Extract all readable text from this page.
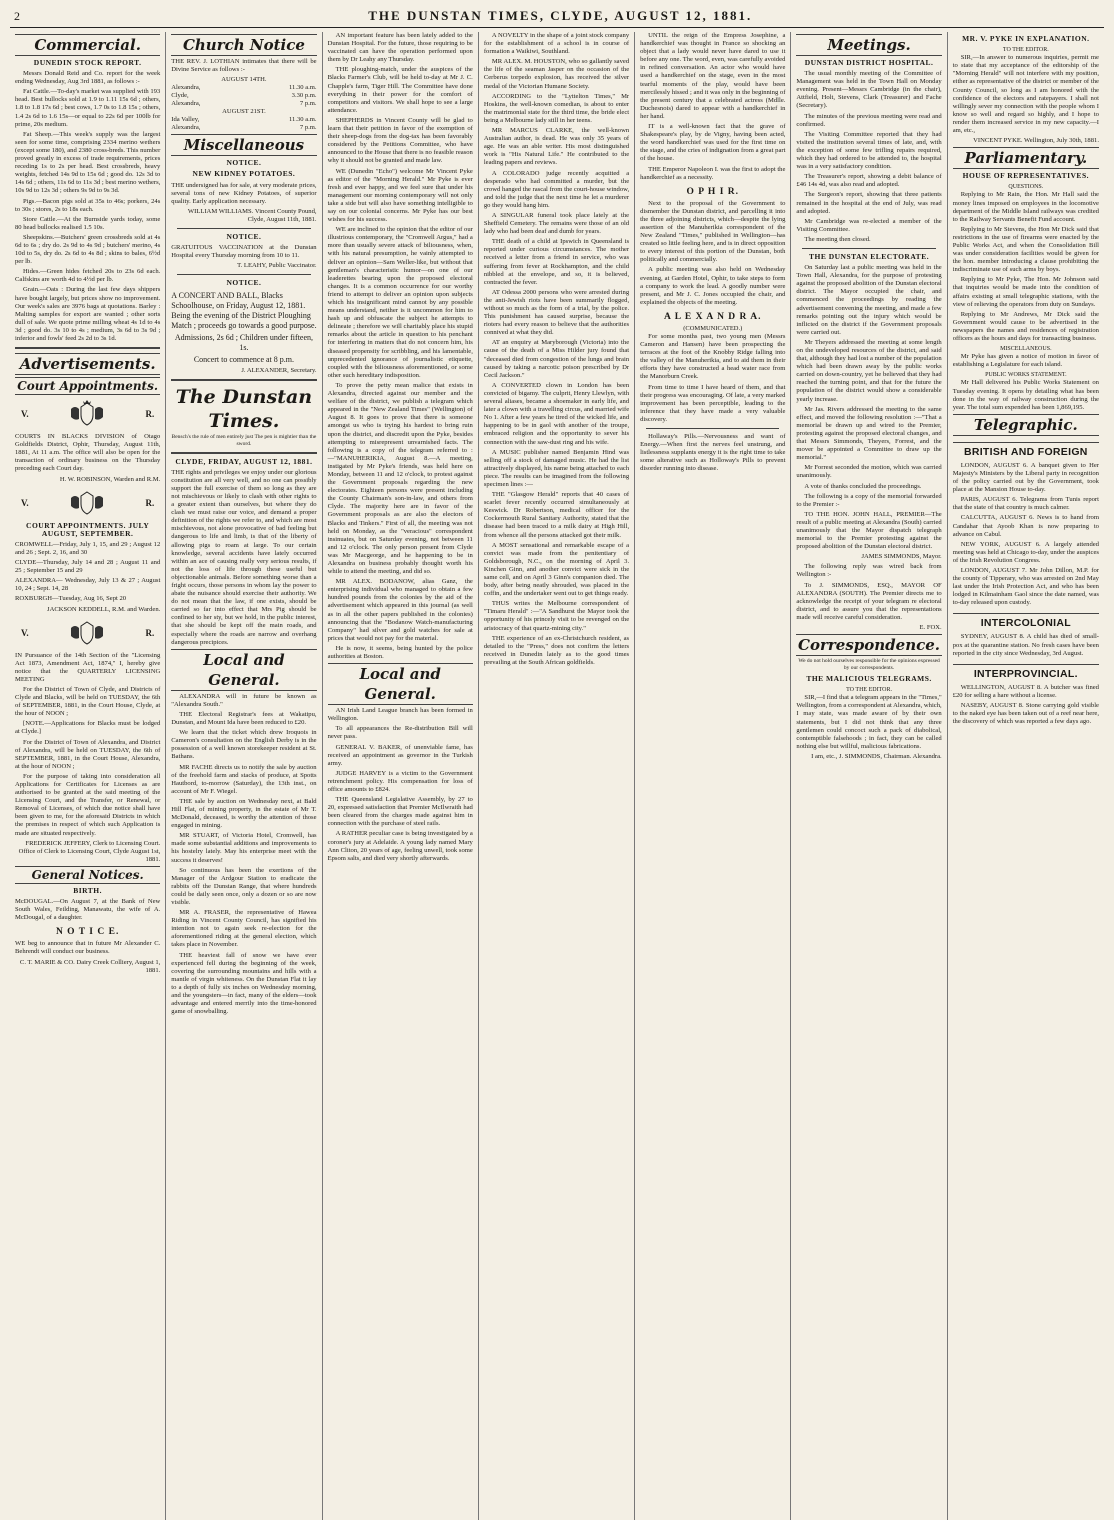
2	THE DUNSTAN TIMES, CLYDE, AUGUST 12, 1881.
Commercial.
DUNEDIN STOCK REPORT.

Messrs Donald Reid and Co. report for the week ending Wednesday, Aug 3rd 1881, as follows :-

Fat Cattle.—To-day's market was supplied with 193 head. Best bullocks sold at 1.9 to 1.11 15s 6d ; others, 1.8 to 1.8 17s 6d ; best cows, 1.7 0s to 1.8 15s ; others, 1.4 2s 6d to 1.6 15s—or equal to 22s 6d per 100lb for prime, 20s medium.

Fat Sheep.—This week's supply was the largest seen for some time, comprising 2334 merino wethers (except some 180), and 2380 cross-breds. This number proved greatly in excess of trade requirements, prices receding 1s to 2s per head. Best crossbreds, heavy weights, fetched 14s 9d to 15s 6d ; good do. 12s 3d to 14s 6d ; others, 11s 6d to 11s 3d ; best merino wethers, 10s 9d to 12s 3d ; others 9s 9d to 9s 3d.

Pigs.—Bacon pigs sold at 35s to 46s; porkers, 24s to 30s ; stores, 2s to 18s each.

Store Cattle.—At the Burnside yards today, some 80 head bullocks realised 1.5 10s.

Sheepskins.—Butchers' green crossbreds sold at 4s 6d to 6s ; dry do. 2s 9d to 4s 9d ; butchers' merino, 4s 10d to 5s, dry do. 2s 6d to 4s 8d ; skins to bales, 6½d per lb.

Hides.—Green hides fetched 20s to 23s 6d each. Calfskins are worth 4d to 4½d per lb.

Grain.—Oats : During the last few days shippers have bought largely, but prices show no improvement. Our week's sales are 3976 bags at quotations. Barley : Malting samples for export are wanted ; other sorts dull of sale. We quote prime milling wheat 4s 1d to 4s 3d ; good do. 3s 10 to 4s ; medium, 3s 6d to 3s 9d ; inferior and fowls' feed 2s 2d to 3s 1d.

Advertisements.
Court Appointments.
V.	R.

COURTS IN BLACKS DIVISION of Otago Goldfields District, Ophir, Thursday, August 11th, 1881, At 11 a.m. The office will also be open for the transaction of ordinary business on the Thursday preceding each Court day.

H. W. ROBINSON, Warden and R.M.

V.	R.
COURT APPOINTMENTS. JULY AUGUST, SEPTEMBER.

CROMWELL—Friday, July 1, 15, and 29 ; August 12 and 26 ; Sept. 2, 16, and 30

CLYDE—Thursday, July 14 and 28 ; August 11 and 25 ; September 15 and 29

ALEXANDRA— Wednesday, July 13 & 27 ; August 10, 24 ; Sept. 14, 28

ROXBURGH—Tuesday, Aug 16, Sept 20

JACKSON KEDDELL, R.M. and Warden.

V.	R.

IN Pursuance of the 14th Section of the "Licensing Act 1873, Amendment Act, 1874," I, hereby give notice that the QUARTERLY LICENSING MEETING

For the District of Town of Clyde, and Districts of Clyde and Blacks, will be held on TUESDAY, the 6th of SEPTEMBER, 1881, in the Court House, Clyde, at the hour of NOON ;

[NOTE.—Applications for Blacks must be lodged at Clyde.]

For the District of Town of Alexandra, and District of Alexandra, will be held on TUESDAY, the 6th of SEPTEMBER, 1881, in the Court House, Alexandra, at the hour of NOON ;

For the purpose of taking into consideration all Applications for Certificates for Licenses as are authorised to be granted at the said meeting of the Licensing Court, and the Transfer, or Renewal, or Removal of Licenses, of which due notice shall have been given to me, for the aforesaid Districts in which the premises in respect of which such Application is made are situated respectively.

FREDERICK JEFFERY, Clerk to Licensing Court. Office of Clerk to Licensing Court, Clyde August 1st, 1881.

General Notices.
BIRTH.

McDOUGAL.—On August 7, at the Bank of New South Wales, Feilding, Manawatu, the wife of A. McDougal, of a daughter.

N O T I C E.

WE beg to announce that in future Mr Alexander C. Behrendt will conduct our business.

C. T. MARIE & CO. Dairy Creek Colliery, August 1, 1881.

Church Notice

THE REV. J. LOTHIAN intimates that there will be Divine Service as follows :-

AUGUST 14TH.
Alexandra,	11.30 a.m.
Clyde,	3.30 p.m.
Alexandra,	7 p.m.
AUGUST 21ST.
Ida Valley,	11.30 a.m.
Alexandra,	7 p.m.
Miscellaneous
NOTICE.
NEW KIDNEY POTATOES.

THE undersigned has for sale, at very moderate prices, several tons of new Kidney Potatoes, of superior quality. Early application necessary.

WILLIAM WILLIAMS. Vincent County Pound, Clyde, August 11th, 1881.

NOTICE.

GRATUITOUS VACCINATION at the Dunstan Hospital every Thursday morning from 10 to 11.

T. LEAHY, Public Vaccinator.

NOTICE.

A CONCERT AND BALL, Blacks Schoolhouse, on Friday, August 12, 1881. Being the evening of the District Ploughing Match ; proceeds go towards a good purpose.

Admissions, 2s 6d ; Children under fifteen, 1s.

Concert to commence at 8 p.m.

J. ALEXANDER, Secretary.

The Dunstan Times.

Bensch's the rule of men entirely just The pen is mightier than the sword.

CLYDE, FRIDAY, AUGUST 12, 1881.

THE rights and privileges we enjoy under our glorious constitution are all very well, and no one can possibly support the full exercise of them so long as they are not mischievous or likely to clash with other rights to a greater extent than ourselves, but where they do clash we must raise our voice, and demand a proper definition of the rights we refer to, and which are most mischievous, not alone provocative of bad feeling but dangerous to life and limb, is that of the liberty of allowing pigs to roam at large. To our certain knowledge, several accidents have lately occurred within an ace of causing really very serious results, if not the loss of life through these useful but objectionable animals. Before something worse than a fright occurs, those persons in whom lay the power to abate the nuisance should exercise their authority. We do not mean that the law, if one exists, should be carried so far into effect that Mrs Pig should be confined to her sty, but we hold, in the public interest, that she should be kept off the main roads, and especially where the roads are narrow and overhang dangerous precipices.

Local and General.

ALEXANDRA will in future be known as "Alexandra South."

THE Electoral Registrar's fees at Wakatipu, Dunstan, and Mount Ida have been reduced to £20.

We learn that the ticket which drew Iroquois in Cameron's consultation on the English Derby is in the possession of a well known storekeeper resident at St. Bathans.

MR FACHE directs us to notify the sale by auction of the freehold farm and stacks of produce, at Spotts Hautbord, to-morrow (Saturday), the 13th inst., on account of Mr F. Wiegel.

THE sale by auction on Wednesday next, at Bald Hill Flat, of mining property, in the estate of Mr T. McDonald, deceased, is worthy the attention of those engaged in mining.

MR STUART, of Victoria Hotel, Cromwell, has made some substantial additions and improvements to his hostelry lately. May his enterprise meet with the success it deserves!

So continuous has been the exertions of the Manager of the Ardgour Station to eradicate the rabbits off the Dunstan Range, that where hundreds could be daily seen once, only a dozen or so are now visible.

MR A. FRASER, the representative of Hawea Riding in Vincent County Council, has signified his intention not to again seek re-election for the aforementioned riding at the general election, which takes place in November.

THE heaviest fall of snow we have ever experienced fell during the beginning of the week, covering the surrounding mountains and hills with a mantle of virgin whiteness. On the Dunstan Flat it lay to a depth of fully six inches on Wednesday morning, and the youngsters—in fact, many of the elders—took advantage and entered merrily into the time-honored game of snowballing.

AN important feature has been lately added to the Dunstan Hospital. For the future, those requiring to be vaccinated can have the operation performed upon them by Dr Leahy any Thursday.

THE ploughing-match, under the auspices of the Blacks Farmer's Club, will be held to-day at Mr J. C. Chapple's farm, Tiger Hill. The Committee have done everything in their power for the comfort of competitors and visitors. We shall hope to see a large attendance.

SHEPHERDS in Vincent County will be glad to learn that their petition in favor of the exemption of their sheep-dogs from the dog-tax has been favorably considered by the Petitions Committee, who have announced to the House that there is no feasible reason why it should not be granted and made law.

WE (Dunedin "Echo") welcome Mr Vincent Pyke as editor of the "Morning Herald." Mr Pyke is ever fresh and ever happy, and we feel sure that under his management our morning contemporary will not only take a side but will also have something intelligible to say on our colonial concerns. Mr Pyke has our best wishes for his success.

WE are inclined to the opinion that the editor of our illustrious contemporary, the "Cromwell Argus," had a more than usually severe attack of biliousness, when, with his natural presumption, he vainly attempted to deliver an opinion—Sam Weller-like, but without that gentleman's characteristic humor—on one of our leaderettes bearing upon the proposed electoral changes. It is a common occurrence for our worthy friend to attempt to deliver an opinion upon subjects which his insignificant mind cannot by any possible means understand, neither is it uncommon for him to hash up and obfuscate the subject he attempts to delineate ; therefore we will charitably place his stupid remarks about the article in question to his penchant for interfering in matters that do not concern him, his diseased propensity for scribbling, and his lamentable, unprecedented ignorance of journalistic etiquette, coupled with the biliousness aforementioned, or some other such hereditary indisposition.

To prove the petty mean malice that exists in Alexandra, directed against our member and the welfare of the district, we publish a telegram which appeared in the "New Zealand Times" (Wellington) of August 8. It goes to prove that there is someone amongst us who is trying his hardest to bring ruin upon the district, and discredit upon the Pyke, besides attempting to misrepresent unvarnished facts. The following is a copy of the telegram referred to :—"MANUHERIKIA, August 8.—A meeting, instigated by Mr Pyke's friends, was held here on Monday, between 11 and 12 o'clock, to protest against the Government proposals regarding the new electorates. Eighteen persons were present including the County Chairman's son-in-law, and others from Clyde. The majority here are in favor of the Government proposals as are also the electors of Blacks and Tinkers." First of all, the meeting was not held on Monday, as the "veracious" correspondent insinuates, but on Saturday evening, not between 11 and 12 o'clock. The only person present from Clyde was Mr Macgeorge, and he happening to be in Alexandra on business probably thought worth his while to attend the meeting, and did so.

MR ALEX. BODANOW, alias Ganz, the enterprising individual who managed to obtain a few hundred pounds from the colonies by the aid of the advertisement which appeared in this journal (as well as in all the other papers published in the colonies) announcing that the "Bodanow Watch-manufacturing Company" had silver and gold watches for sale at prices that would not pay for the material.

He is now, it seems, being hunted by the police authorities at Boston.

Local and General.

AN Irish Land League branch has been formed in Wellington.

To all appearances the Re-distribution Bill will never pass.

GENERAL V. BAKER, of unenviable fame, has received an appointment as governor in the Turkish army.

JUDGE HARVEY is a victim to the Government retrenchment policy. His compensation for loss of office amounts to £824.

THE Queensland Legislative Assembly, by 27 to 20, expressed satisfaction that Premier McIlwraith had been cleared from the charges made against him in connection with the purchase of steel rails.

A RATHER peculiar case is being investigated by a coroner's jury at Adelaide. A young lady named Mary Ann Cliton, 20 years of age, feeling unwell, took some Epsom salts, and died very shortly afterwards.

A NOVELTY in the shape of a joint stock company for the establishment of a school is in course of formation a Waikiwi, Southland.

MR ALEX. M. HOUSTON, who so gallantly saved the life of the seaman Jasper on the occasion of the Cerberus torpedo explosion, has received the silver medal of the Victorian Humane Society.

ACCORDING to the "Lyttelton Times," Mr Hoskins, the well-known comedian, is about to enter the matrimonial state for the third time, the bride elect being a Melbourne lady still in her teens.

MR MARCUS CLARKE, the well-known Australian author, is dead. He was only 35 years of age. He was an able writer. His most distinguished work is "His Natural Life." He contributed to the leading papers and reviews.

A COLORADO judge recently acquitted a desperado who had committed a murder, but the crowd hanged the rascal from the court-house window, and told the judge that the next time he let a murderer go they would hang him.

A SINGULAR funeral took place lately at the Sheffield Cemetery. The remains were those of an old lady who had been deaf and dumb for years.

THE death of a child at Ipswich in Queensland is reported under curious circumstances. The mother received a letter from a friend in service, who was suffering from fever at Rockhampton, and the child nibbled at the envelope, and so, it is believed, contracted the fever.

AT Odessa 2000 persons who were arrested during the anti-Jewish riots have been summarily flogged, without so much as the form of a trial, by the police. This punishment has caused surprise, because the rioters had every reason to believe that the authorities connived at what they did.

AT an enquiry at Maryborough (Victoria) into the cause of the death of a Miss Hilder jury found that "deceased died from congestion of the lungs and brain caused by taking a narcotic poison prescribed by Dr Cecil Jackson."

A CONVERTED clown in London has been convicted of bigamy. The culprit, Henry Llewlyn, with several aliases, became a shoemaker in early life, and later a clown with a travelling circus, and married wife No 1. After a few years he tired of the wicked life, and happening to be in gaol with another of the troupe, embraced religion and the opportunity to sever his connection with the saw-dust ring and his wife.

A MUSIC publisher named Benjamin Hind was selling off a stock of damaged music. He had the list attractively displayed, his name being attached to each piece. The results can be imagined from the following specimen lines :—

THE "Glasgow Herald" reports that 40 cases of scarlet fever recently occurred simultaneously at Keswick. Dr Robertson, medical officer for the Cockermouth Rural Sanitary Authority, stated that the disease had been traced to a milk dairy at High Hill, from whence all the persons attacked got their milk.

A MOST sensational and remarkable escape of a convict was made from the penitentiary of Goldsborough, N.C., on the morning of April 3. Kinchen Ginn, and another convict were sick in the same cell, and on April 3 Ginn's companion died. The body, after being neatly shrouded, was placed in the coffin, and the undertaker went out to get things ready.

THUS writes the Melbourne correspondent of "Timaru Herald" :—"A Sandhurst the Mayor took the opportunity of his princely visit to be revenged on the aristocracy of that quartz-mining city."

THE experience of an ex-Christchurch resident, as detailed to the "Press," does not confirm the letters received in Dunedin lately as to the good times prevailing at the South African goldfields.

UNTIL the reign of the Empress Josephine, a handkerchief was thought in France so shocking an object that a lady would never have dared to use it before any one. The word, even, was carefully avoided in refined conversation. An actor who would have used a handkerchief on the stage, even in the most tearful moments of the play, would have been mercilessly hissed ; and it was only in the beginning of the present century that a celebrated actress (Mdlle. Duchesnois) dared to appear with a handkerchief in her hand.

IT is a well-known fact that the grave of Shakespeare's play, by de Vigny, having been acted, the word handkerchief was used for the first time on the stage, and the cries of indignation from a great part of the house.

THE Emperor Napoleon I. was the first to adopt the handkerchief as a necessity.

O P H I R.

Next to the proposal of the Government to dismember the Dunstan district, and parcelling it into the three adjoining districts, which—despite the lying assertion of the Manuherikia correspondent of the New Zealand "Times," published in Wellington—has created so little feeling here, and is in direct opposition to every interest of this portion of the Dunstan, both politically and commercially.

A public meeting was also held on Wednesday evening, at Garden Hotel, Ophir, to take steps to form a company to work the lead. A goodly number were present, and Mr J. C. Jones occupied the chair, and explained the objects of the meeting.

A L E X A N D R A.
(COMMUNICATED.)

For some months past, two young men (Messrs Cameron and Hansen) have been prospecting the terraces at the foot of the Knobby Ridge falling into the valley of the Manuherikia, and to aid them in their efforts they have constructed a head water race from the Manorburn Creek.

From time to time I have heard of them, and that their progress was encouraging. Of late, a very marked improvement has been perceptible, leading to the inference that they have made a very valuable discovery.

Hollaway's Pills.—Nervousness and want of Energy.—When first the nerves feel unstrung, and listlessness supplants energy it is the right time to take some alterative such as Holloway's Pills to prevent disorder running into disease.

Meetings.
DUNSTAN DISTRICT HOSPITAL.

The usual monthly meeting of the Committee of Management was held in the Town Hall on Monday evening. Present—Messrs Cambridge (in the chair), Attfield, Holt, Stevens, Clark (Treasurer) and Fache (Secretary).

The minutes of the previous meeting were read and confirmed.

The Visiting Committee reported that they had visited the institution several times of late, and, with the exception of some few trifling repairs required, which they had ordered to be attended to, the hospital was in a very satisfactory condition.

The Treasurer's report, showing a debit balance of £46 14s 4d, was also read and adopted.

The Surgeon's report, showing that three patients remained in the hospital at the end of July, was read and adopted.

Mr Cambridge was re-elected a member of the Visiting Committee.

The meeting then closed.

THE DUNSTAN ELECTORATE.

On Saturday last a public meeting was held in the Town Hall, Alexandra, for the purpose of protesting against the proposed abolition of the Dunstan electoral district. The Mayor occupied the chair, and commenced the proceedings by reading the advertisement convening the meeting, and made a few remarks pointing out the injury which would be inflicted on the district if the Government proposals were carried out.

Mr Theyers addressed the meeting at some length on the undeveloped resources of the district, and said that, although they had lost a number of the population which had been drawn away by the public works carried on down-country, yet he believed that they had reached the turning point, and that for the future the population of the district would show a considerable yearly increase.

Mr Jas. Rivers addressed the meeting to the same effect, and moved the following resolution :—"That a memorial be drawn up and wired to the Premier, protesting against the proposed electoral changes, and that Messrs Simmonds, Theyers, Forrest, and the mover be appointed a Committee to draw up the memorial."

Mr Forrest seconded the motion, which was carried unanimously.

A vote of thanks concluded the proceedings.

The following is a copy of the memorial forwarded to the Premier :-

TO THE HON. JOHN HALL, PREMIER—The result of a public meeting at Alexandra (South) carried unanimously that the Mayor dispatch telegraph memorial to the Premier protesting against the proposed abolition of the Dunstan electoral district.

JAMES SIMMONDS, Mayor.

The following reply was wired back from Wellington :-

To J. SIMMONDS, ESQ., MAYOR OF ALEXANDRA (SOUTH). The Premier directs me to acknowledge the receipt of your telegram re electoral district, and to assure you that the representations made will receive careful consideration.

E. FOX.

Correspondence.

We do not hold ourselves responsible for the opinions expressed by our correspondents.

THE MALICIOUS TELEGRAMS.
TO THE EDITOR.

SIR,—I find that a telegram appears in the "Times," Wellington, from a correspondent at Alexandra, which, I may state, was made aware of by their own statements, but I did not think that any three gentlemen could concoct such a pack of diabolical, contemptible falsehoods ; in fact, they can be called nothing else but willful, malicious fabrications.

I am, etc., J. SIMMONDS, Chairman. Alexandra.

MR. V. PYKE IN EXPLANATION.
TO THE EDITOR.

SIR,—In answer to numerous inquiries, permit me to state that my acceptance of the editorship of the "Morning Herald" will not interfere with my position, either as representative of the district or member of the County Council, so long as I am honored with the confidence of the electors and ratepayers. I shall not willingly sever my connection with the people whom I know so well and regard so highly, and I hope to render them increased service in my new capacity.—I am, etc.,

VINCENT PYKE. Wellington, July 30th, 1881.

Parliamentary.
HOUSE OF REPRESENTATIVES.
QUESTIONS.

Replying to Mr Rain, the Hon. Mr Hall said the money lines imposed on employees in the locomotive department of the Middle Island railways was credited to the Railway Servants Benefit Fund account.

Replying to Mr Stevens, the Hon Mr Dick said that restrictions in the use of firearms were enacted by the Public Works Act, and when the Consolidation Bill was under consideration facilities would be given for the hon. member introducing a clause prohibiting the indiscriminate use of such arms by boys.

Replying to Mr Pyke, The Hon. Mr Johnson said that inquiries would be made into the condition of affairs existing at small telegraphic stations, with the view of relieving the operators from duty on Sundays.

Replying to Mr Andrews, Mr Dick said the Government would cause to be advertised in the newspapers the names and residences of registration officers as the hours and days for transacting business.

MISCELLANEOUS.

Mr Pyke has given a notice of motion in favor of establishing a Legislature for each island.

PUBLIC WORKS STATEMENT.

Mr Hall delivered his Public Works Statement on Tuesday evening. It opens by detailing what has been done in the way of railway construction during the year. The total sum expended has been 1,869,195.

Telegraphic.
BRITISH AND FOREIGN

LONDON, AUGUST 6. A banquet given to Her Majesty's Ministers by the Liberal party in recognition of the policy carried out by the Government, took place at the Mansion House to-day.

PARIS, AUGUST 6. Telegrams from Tunis report that the state of that country is much calmer.

CALCUTTA, AUGUST 6. News is to hand from Candahar that Ayoob Khan is now preparing to advance on Cabul.

NEW YORK, AUGUST 6. A largely attended meeting was held at Chicago to-day, under the auspices of the Irish Revolution Congress.

LONDON, AUGUST 7. Mr John Dillon, M.P. for the county of Tipperary, who was arrested on 2nd May last under the Irish Protection Act, and who has been lodged in Kilmainham Gaol since the date named, was to-day released upon custody.

INTERCOLONIAL

SYDNEY, AUGUST 8. A child has died of small-pox at the quarantine station. No fresh cases have been reported in the city since Wednesday, 3rd August.

INTERPROVINCIAL.

WELLINGTON, AUGUST 8. A butcher was fined £20 for selling a hare without a license.

NASEBY, AUGUST 8. Stone carrying gold visible to the naked eye has been taken out of a reef near here, the discovery of which was reported a few days ago.
